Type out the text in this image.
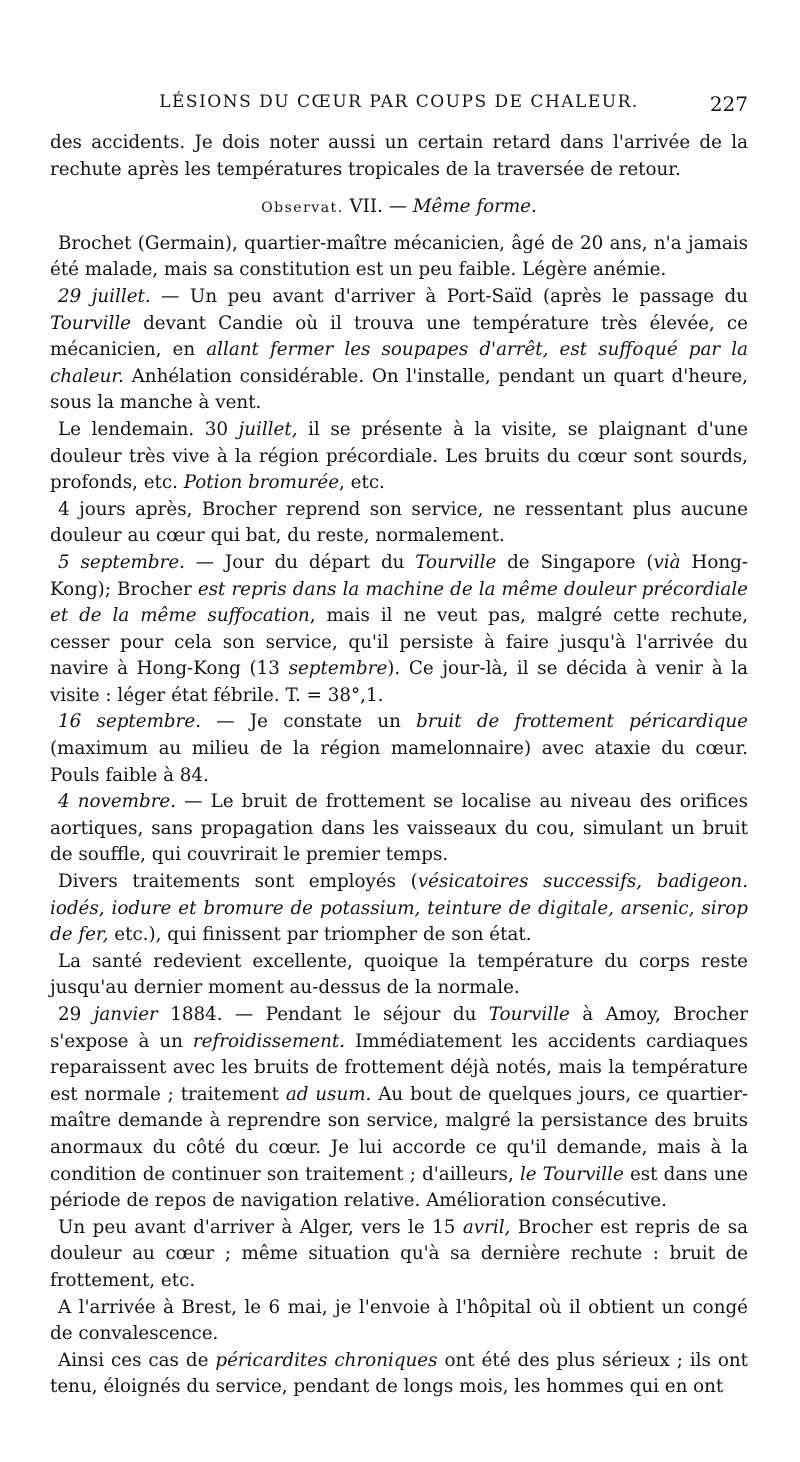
LÉSIONS DU CŒUR PAR COUPS DE CHALEUR.	227

des accidents. Je dois noter aussi un certain retard dans l'arrivée de la rechute après les températures tropicales de la traversée de retour.

Observat. VII. — Même forme.

Brochet (Germain), quartier-maître mécanicien, âgé de 20 ans, n'a jamais été malade, mais sa constitution est un peu faible. Légère anémie.

29 juillet. — Un peu avant d'arriver à Port-Saïd (après le passage du Tourville devant Candie où il trouva une température très élevée, ce mécanicien, en allant fermer les soupapes d'arrêt, est suffoqué par la chaleur. Anhélation considérable. On l'installe, pendant un quart d'heure, sous la manche à vent.

Le lendemain. 30 juillet, il se présente à la visite, se plaignant d'une douleur très vive à la région précordiale. Les bruits du cœur sont sourds, profonds, etc. Potion bromurée, etc.

4 jours après, Brocher reprend son service, ne ressentant plus aucune douleur au cœur qui bat, du reste, normalement.

5 septembre. — Jour du départ du Tourville de Singapore (vià Hong-Kong); Brocher est repris dans la machine de la même douleur précordiale et de la même suffocation, mais il ne veut pas, malgré cette rechute, cesser pour cela son service, qu'il persiste à faire jusqu'à l'arrivée du navire à Hong-Kong (13 septembre). Ce jour-là, il se décida à venir à la visite : léger état fébrile. T. = 38°,1.

16 septembre. — Je constate un bruit de frottement péricardique (maximum au milieu de la région mamelonnaire) avec ataxie du cœur. Pouls faible à 84.

4 novembre. — Le bruit de frottement se localise au niveau des orifices aortiques, sans propagation dans les vaisseaux du cou, simulant un bruit de souffle, qui couvrirait le premier temps.

Divers traitements sont employés (vésicatoires successifs, badigeon. iodés, iodure et bromure de potassium, teinture de digitale, arsenic, sirop de fer, etc.), qui finissent par triompher de son état.

La santé redevient excellente, quoique la température du corps reste jusqu'au dernier moment au-dessus de la normale.

29 janvier 1884. — Pendant le séjour du Tourville à Amoy, Brocher s'expose à un refroidissement. Immédiatement les accidents cardiaques reparaissent avec les bruits de frottement déjà notés, mais la température est normale ; traitement ad usum. Au bout de quelques jours, ce quartier-maître demande à reprendre son service, malgré la persistance des bruits anormaux du côté du cœur. Je lui accorde ce qu'il demande, mais à la condition de continuer son traitement ; d'ailleurs, le Tourville est dans une période de repos de navigation relative. Amélioration consécutive.

Un peu avant d'arriver à Alger, vers le 15 avril, Brocher est repris de sa douleur au cœur ; même situation qu'à sa dernière rechute : bruit de frottement, etc.

A l'arrivée à Brest, le 6 mai, je l'envoie à l'hôpital où il obtient un congé de convalescence.

Ainsi ces cas de péricardites chroniques ont été des plus sérieux ; ils ont tenu, éloignés du service, pendant de longs mois, les hommes qui en ont
